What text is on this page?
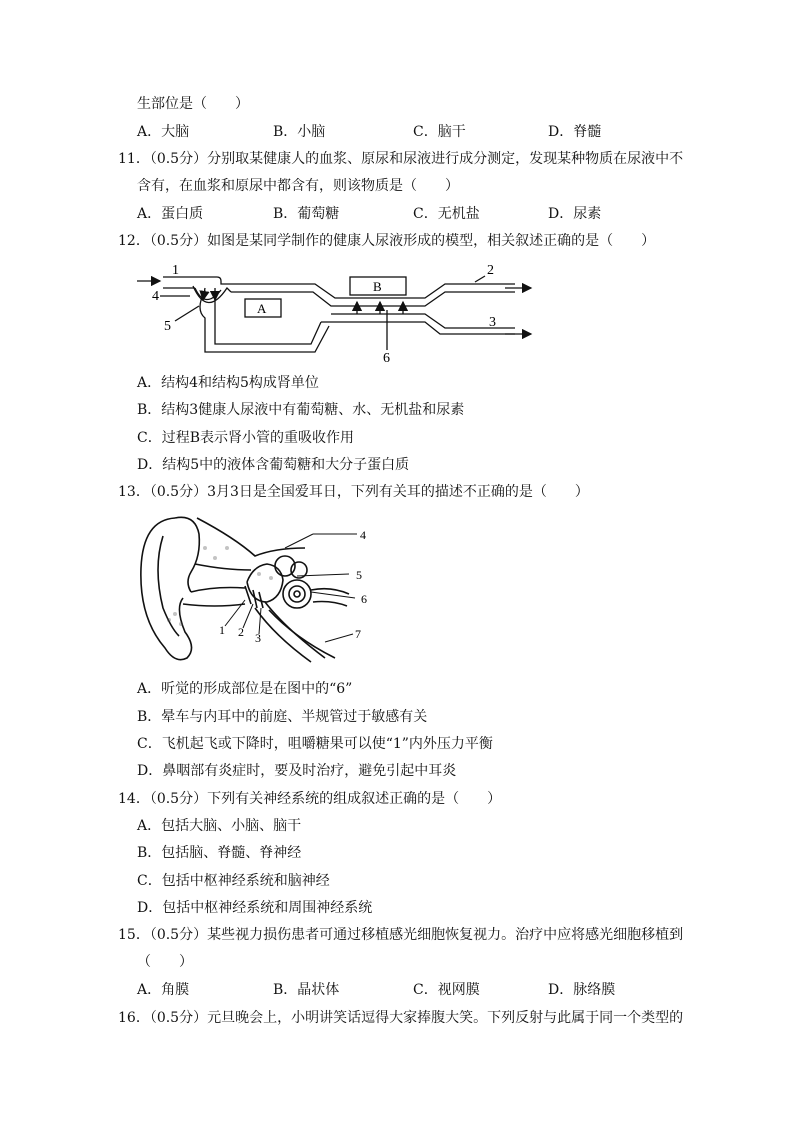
生部位是（　　）
A．大脑	B．小脑	C．脑干	D．脊髓
11．（0.5分）分别取某健康人的血浆、原尿和尿液进行成分测定，发现某种物质在尿液中不
含有，在血浆和原尿中都含有，则该物质是（　　）
A．蛋白质	B．葡萄糖	C．无机盐	D．尿素
12．（0.5分）如图是某同学制作的健康人尿液形成的模型，相关叙述正确的是（　　）
1	2
3
4
5
6
A
B
A．结构4和结构5构成肾单位
B．结构3健康人尿液中有葡萄糖、水、无机盐和尿素
C．过程B表示肾小管的重吸收作用
D．结构5中的液体含葡萄糖和大分子蛋白质
13．（0.5分）3月3日是全国爱耳日，下列有关耳的描述不正确的是（　　）
4
5
6
7
1 2 3
A．听觉的形成部位是在图中的“6”
B．晕车与内耳中的前庭、半规管过于敏感有关
C．飞机起飞或下降时，咀嚼糖果可以使“1”内外压力平衡
D．鼻咽部有炎症时，要及时治疗，避免引起中耳炎
14．（0.5分）下列有关神经系统的组成叙述正确的是（　　）
A．包括大脑、小脑、脑干
B．包括脑、脊髓、脊神经
C．包括中枢神经系统和脑神经
D．包括中枢神经系统和周围神经系统
15．（0.5分）某些视力损伤患者可通过移植感光细胞恢复视力。治疗中应将感光细胞移植到
（　　）
A．角膜	B．晶状体	C．视网膜	D．脉络膜
16．（0.5分）元旦晚会上，小明讲笑话逗得大家捧腹大笑。下列反射与此属于同一个类型的
